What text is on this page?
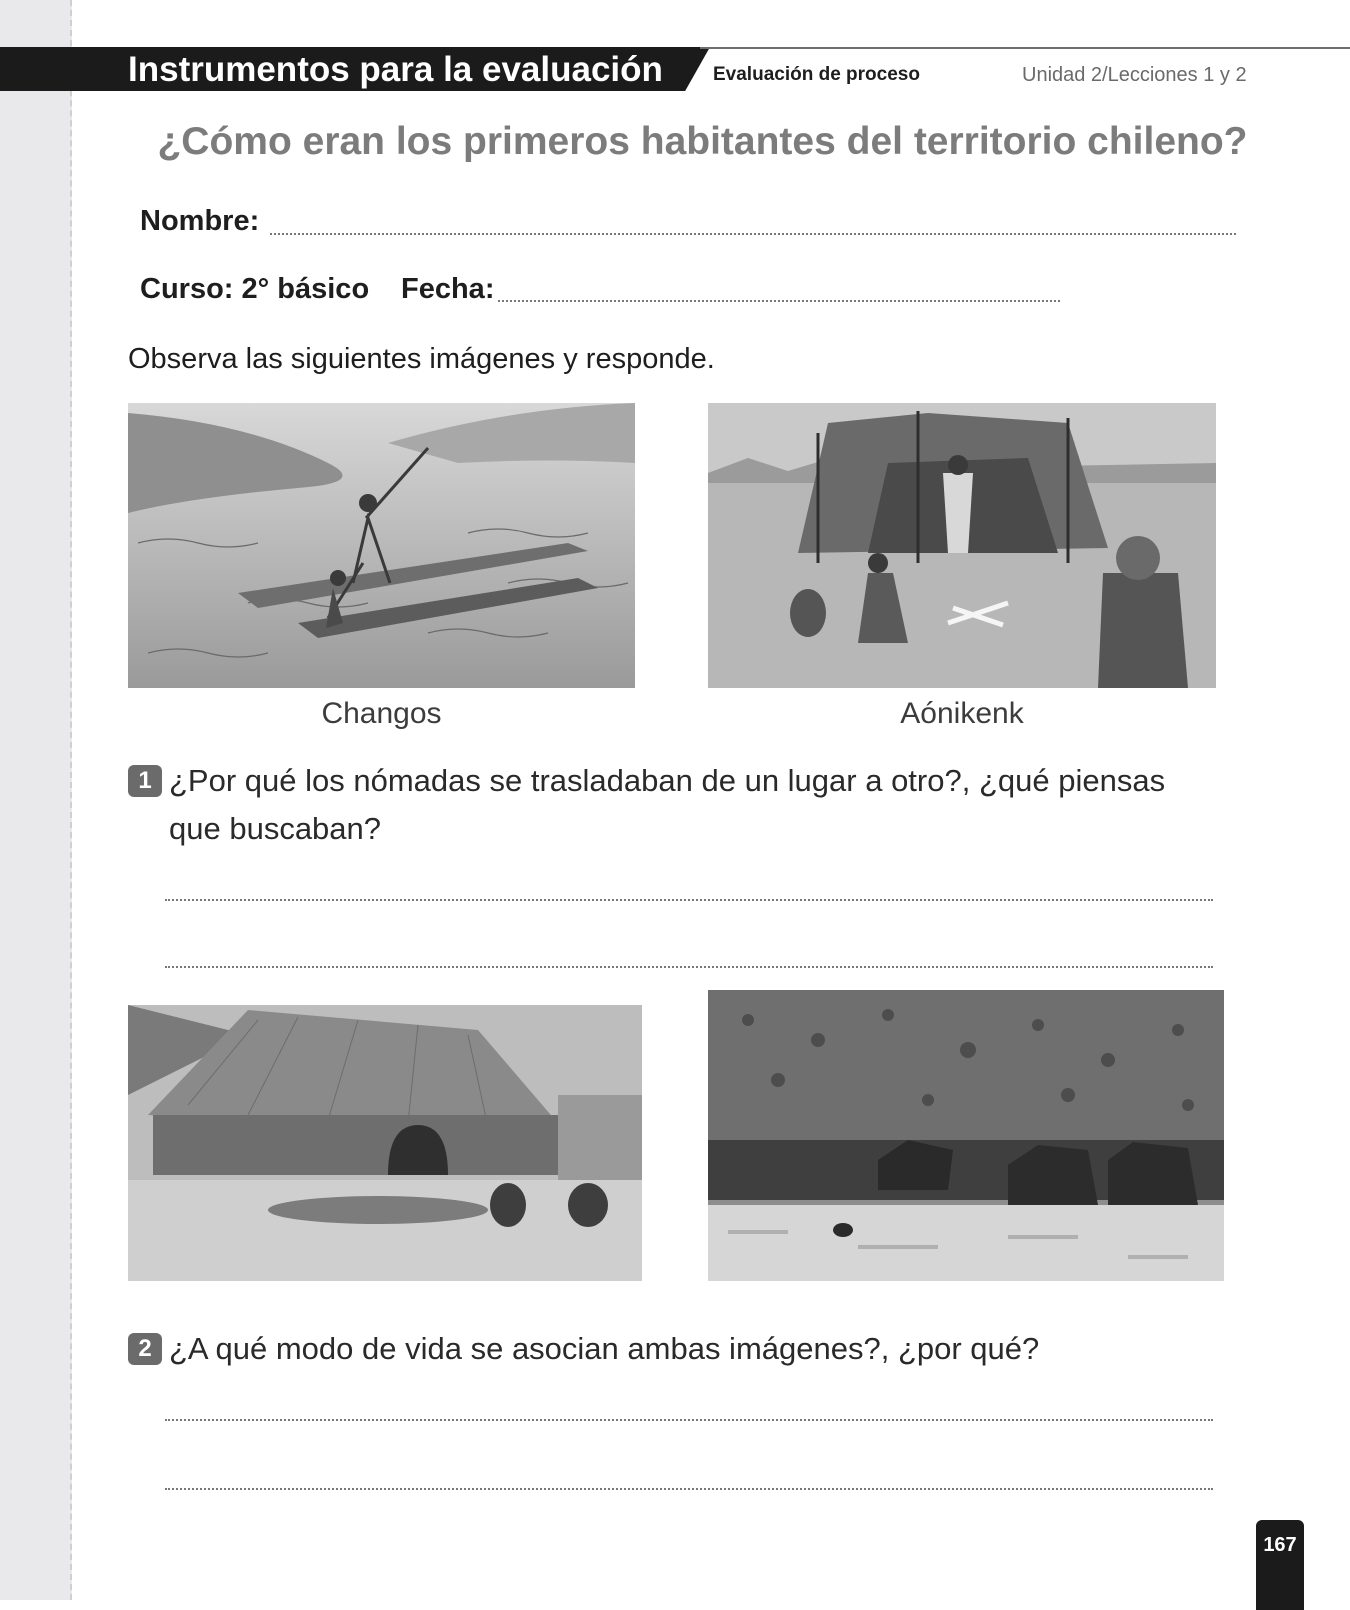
Instrumentos para la evaluación	Evaluación de proceso	Unidad 2/Lecciones 1 y 2
¿Cómo eran los primeros habitantes del territorio chileno?
Nombre:
Curso: 2° básico Fecha:
Observa las siguientes imágenes y responde.
Changos	Aónikenk
1 ¿Por qué los nómadas se trasladaban de un lugar a otro?, ¿qué piensas que buscaban?
2 ¿A qué modo de vida se asocian ambas imágenes?, ¿por qué?
167
